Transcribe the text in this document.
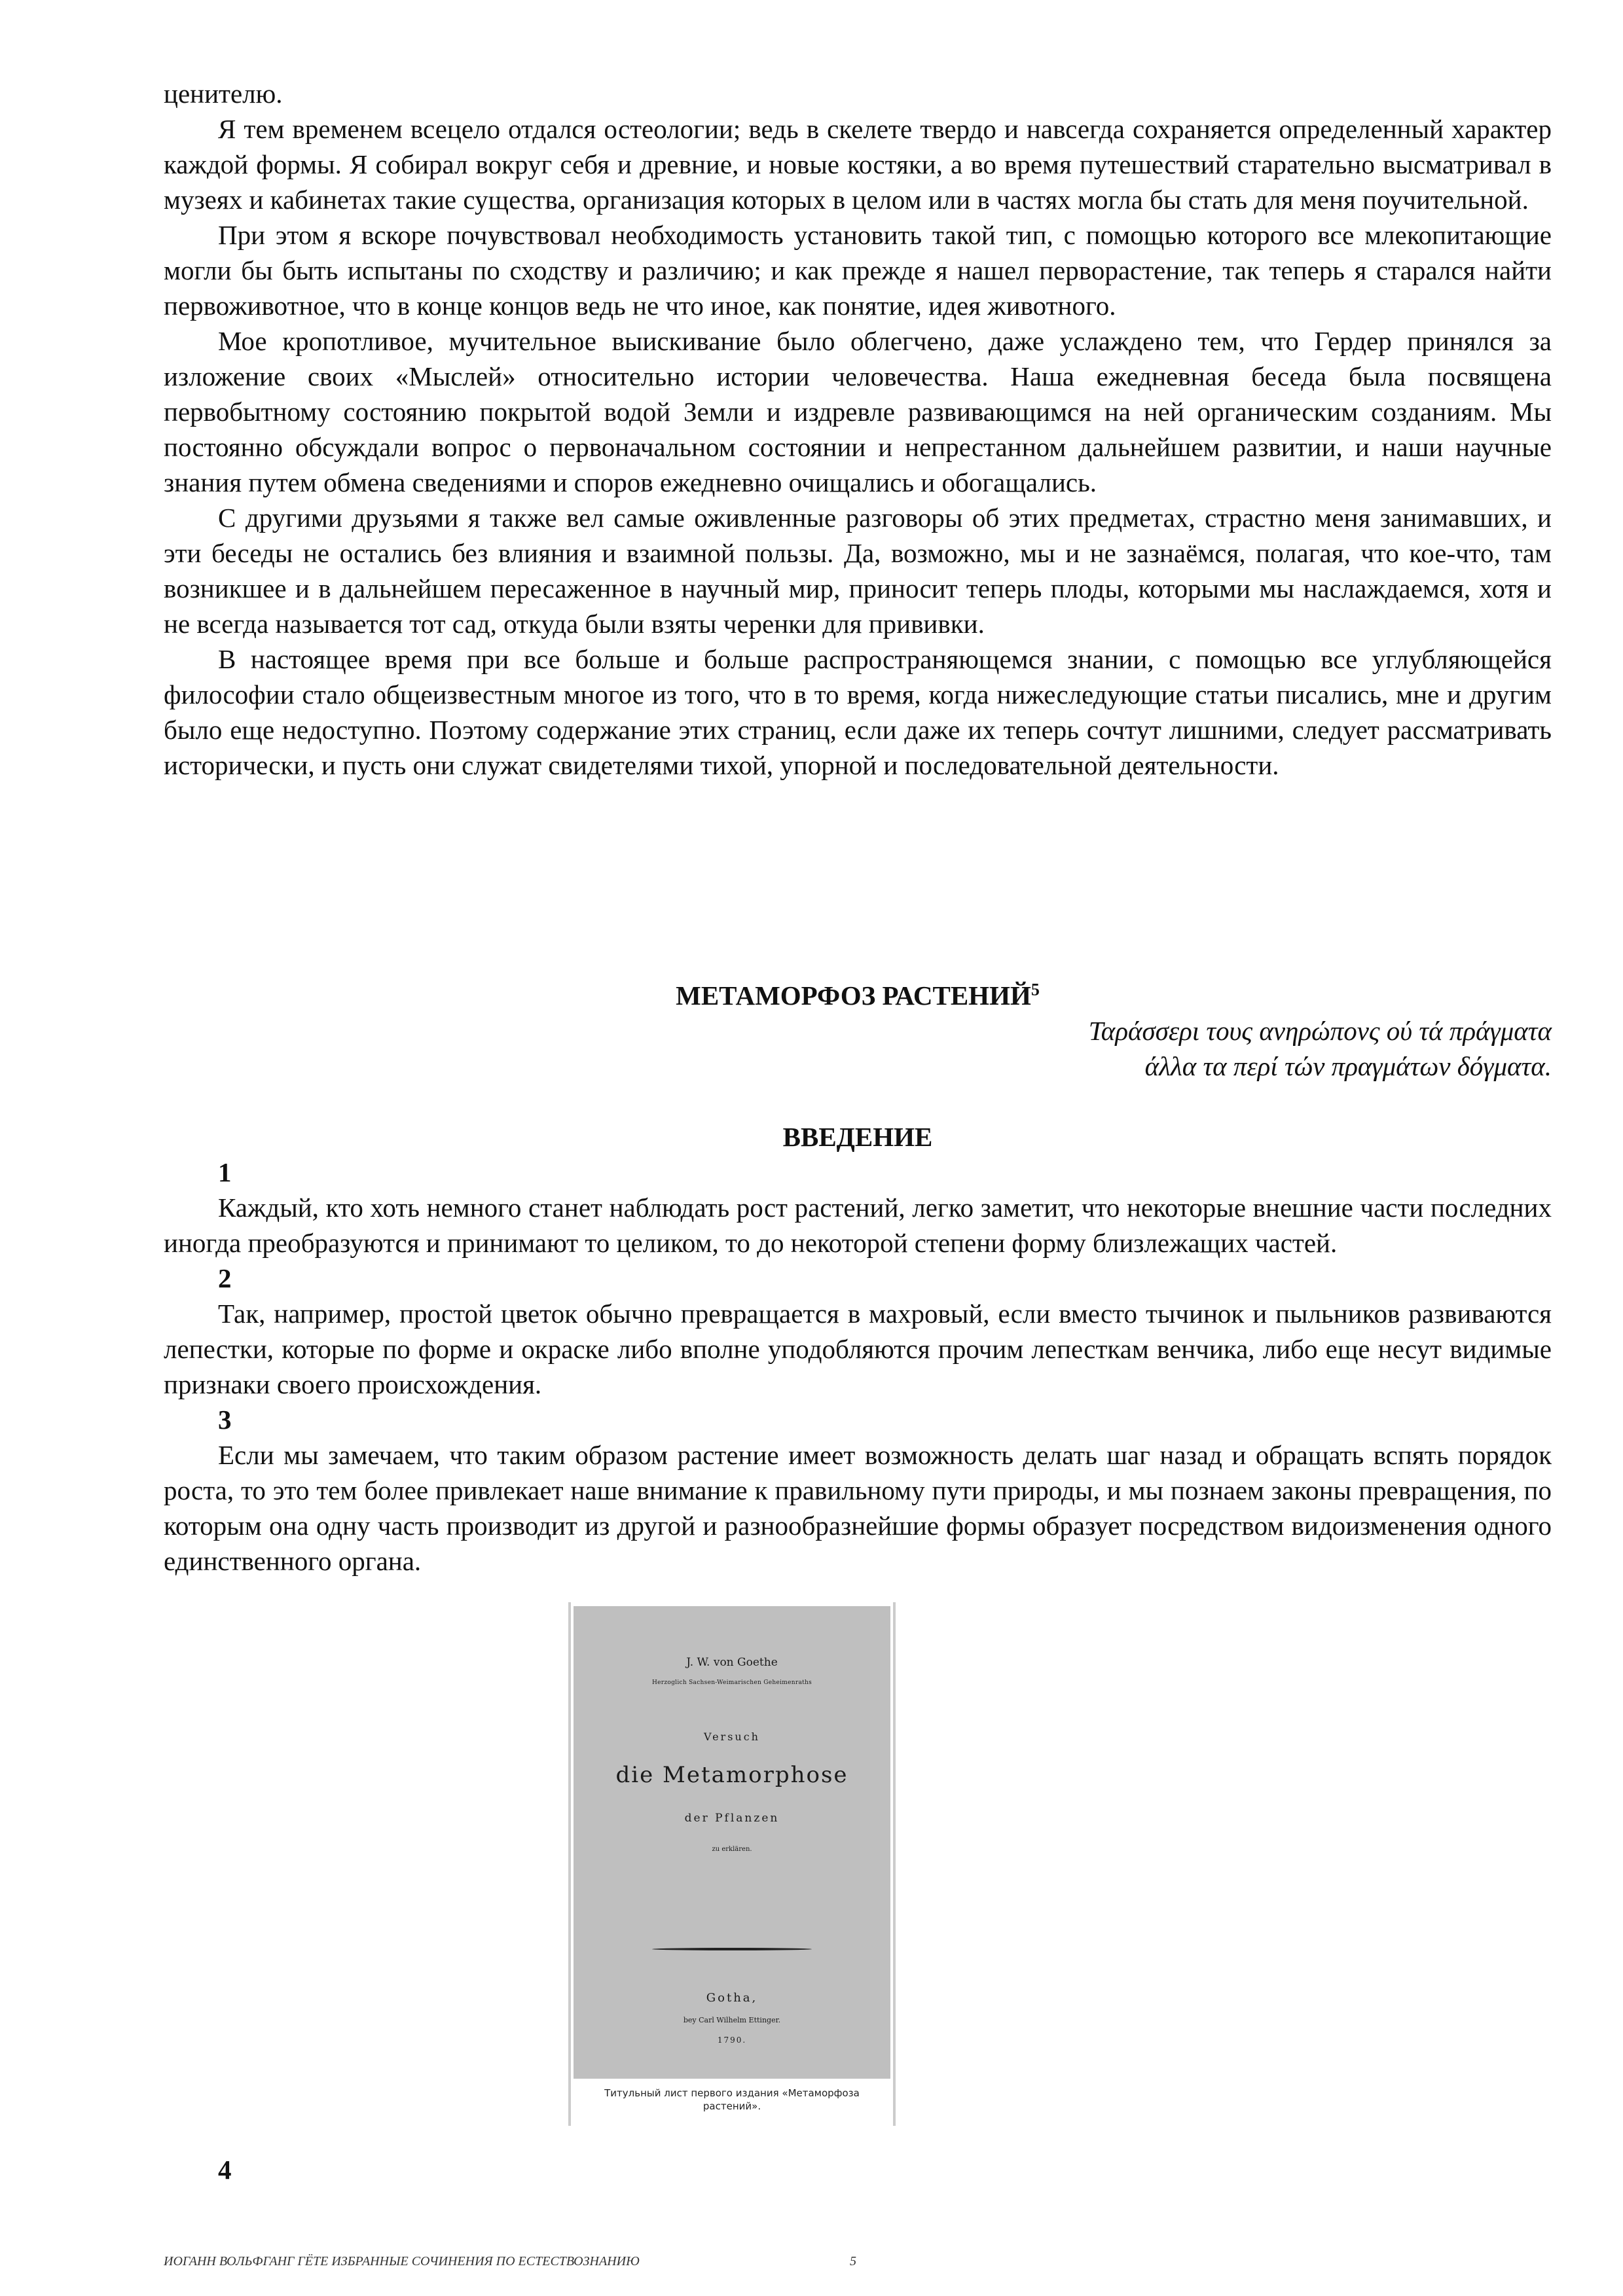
ценителю.

Я тем временем всецело отдался остеологии; ведь в скелете твердо и навсегда сохраняется определенный характер каждой формы. Я собирал вокруг себя и древние, и новые костяки, а во время путешествий старательно высматривал в музеях и кабинетах такие существа, организация которых в целом или в частях могла бы стать для меня поучительной.

При этом я вскоре почувствовал необходимость установить такой тип, с помощью которого все млекопитающие могли бы быть испытаны по сходству и различию; и как прежде я нашел перворастение, так теперь я старался найти первоживотное, что в конце концов ведь не что иное, как понятие, идея животного.

Мое кропотливое, мучительное выискивание было облегчено, даже услаждено тем, что Гердер принялся за изложение своих «Мыслей» относительно истории человечества. Наша ежедневная беседа была посвящена первобытному состоянию покрытой водой Земли и издревле развивающимся на ней органическим созданиям. Мы постоянно обсуждали вопрос о первоначальном состоянии и непрестанном дальнейшем развитии, и наши научные знания путем обмена сведениями и споров ежедневно очищались и обогащались.

С другими друзьями я также вел самые оживленные разговоры об этих предметах, страстно меня занимавших, и эти беседы не остались без влияния и взаимной пользы. Да, возможно, мы и не зазнаёмся, полагая, что кое-что, там возникшее и в дальнейшем пересаженное в научный мир, приносит теперь плоды, которыми мы наслаждаемся, хотя и не всегда называется тот сад, откуда были взяты черенки для прививки.

В настоящее время при все больше и больше распространяющемся знании, с помощью все углубляющейся философии стало общеизвестным многое из того, что в то время, когда нижеследующие статьи писались, мне и другим было еще недоступно. Поэтому содержание этих страниц, если даже их теперь сочтут лишними, следует рассматривать исторически, и пусть они служат свидетелями тихой, упорной и последовательной деятельности.

МЕТАМОРФОЗ РАСТЕНИЙ$^5$
Ταράσσερι τους ανηρώπονς ού τά πράγματα
άλλα τα περί τών πραγμάτων δόγματα.
ВВЕДЕНИЕ
1

Каждый, кто хоть немного станет наблюдать рост растений, легко заметит, что некоторые внешние части последних иногда преобразуются и принимают то целиком, то до некоторой степени форму близлежащих частей.

2

Так, например, простой цветок обычно превращается в махровый, если вместо тычинок и пыльников развиваются лепестки, которые по форме и окраске либо вполне уподобляются прочим лепесткам венчика, либо еще несут видимые признаки своего происхождения.

3

Если мы замечаем, что таким образом растение имеет возможность делать шаг назад и обращать вспять порядок роста, то это тем более привлекает наше внимание к правильному пути природы, и мы познаем законы превращения, по которым она одну часть производит из другой и разнообразнейшие формы образует посредством видоизменения одного единственного органа.

4
J. W. von Goethe
Herzoglich Sachsen-Weimarischen Geheimenraths
Versuch
die Metamorphose
der Pflanzen
zu erklären.
Gotha,
bey Carl Wilhelm Ettinger.
1790.
Титульный лист первого издания «Метаморфоза растений».
ИОГАНН ВОЛЬФГАНГ ГЁТЕ ИЗБРАННЫЕ СОЧИНЕНИЯ ПО ЕСТЕСТВОЗНАНИЮ	5
